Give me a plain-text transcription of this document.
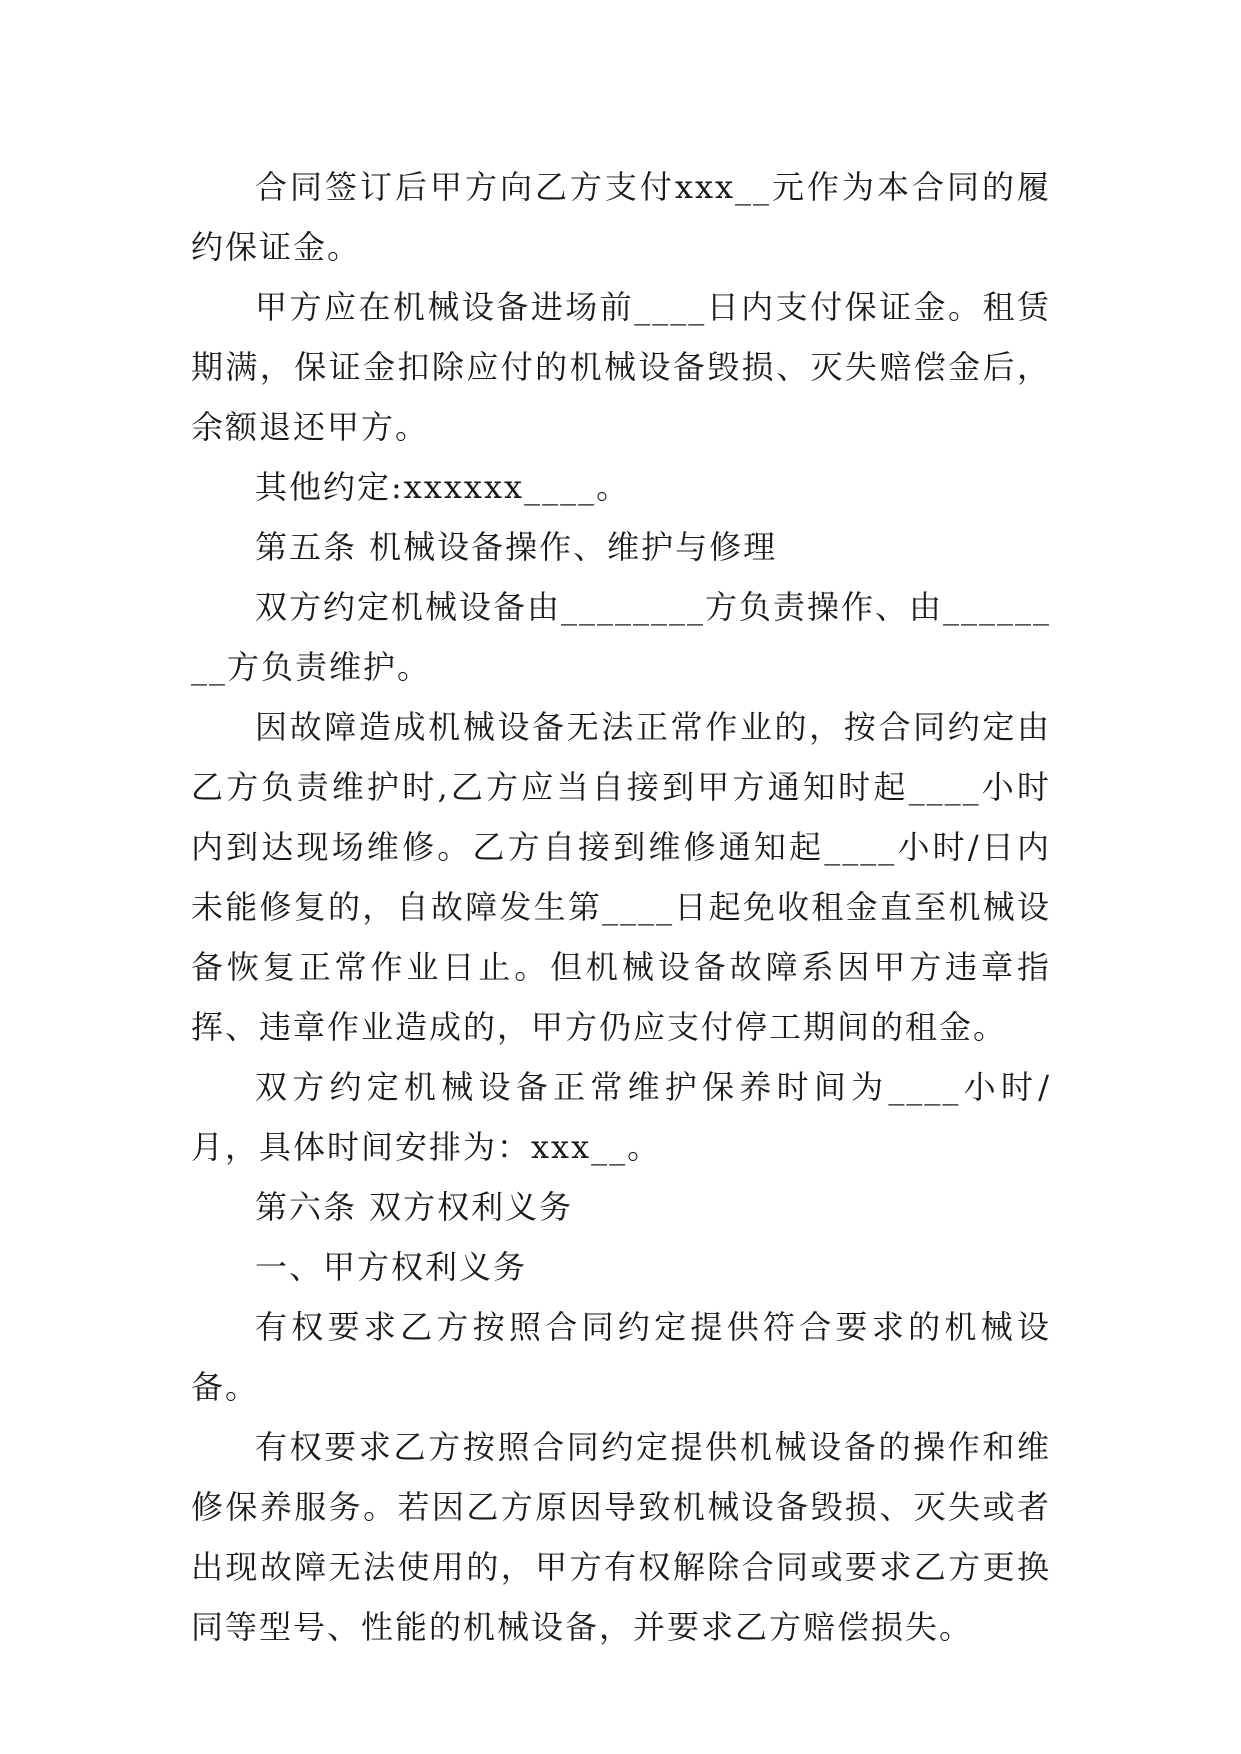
合同签订后甲方向乙方支付xxx__元作为本合同的履约保证金。

甲方应在机械设备进场前____日内支付保证金。租赁期满，保证金扣除应付的机械设备毁损、灭失赔偿金后，余额退还甲方。

其他约定:xxxxxx____。

第五条 机械设备操作、维护与修理

双方约定机械设备由________方负责操作、由________方负责维护。

因故障造成机械设备无法正常作业的，按合同约定由乙方负责维护时,乙方应当自接到甲方通知时起____小时内到达现场维修。乙方自接到维修通知起____小时/日内未能修复的，自故障发生第____日起免收租金直至机械设备恢复正常作业日止。但机械设备故障系因甲方违章指挥、违章作业造成的，甲方仍应支付停工期间的租金。

双方约定机械设备正常维护保养时间为____小时/月，具体时间安排为：xxx__。

第六条 双方权利义务

一、甲方权利义务

有权要求乙方按照合同约定提供符合要求的机械设备。

有权要求乙方按照合同约定提供机械设备的操作和维修保养服务。若因乙方原因导致机械设备毁损、灭失或者出现故障无法使用的，甲方有权解除合同或要求乙方更换同等型号、性能的机械设备，并要求乙方赔偿损失。
